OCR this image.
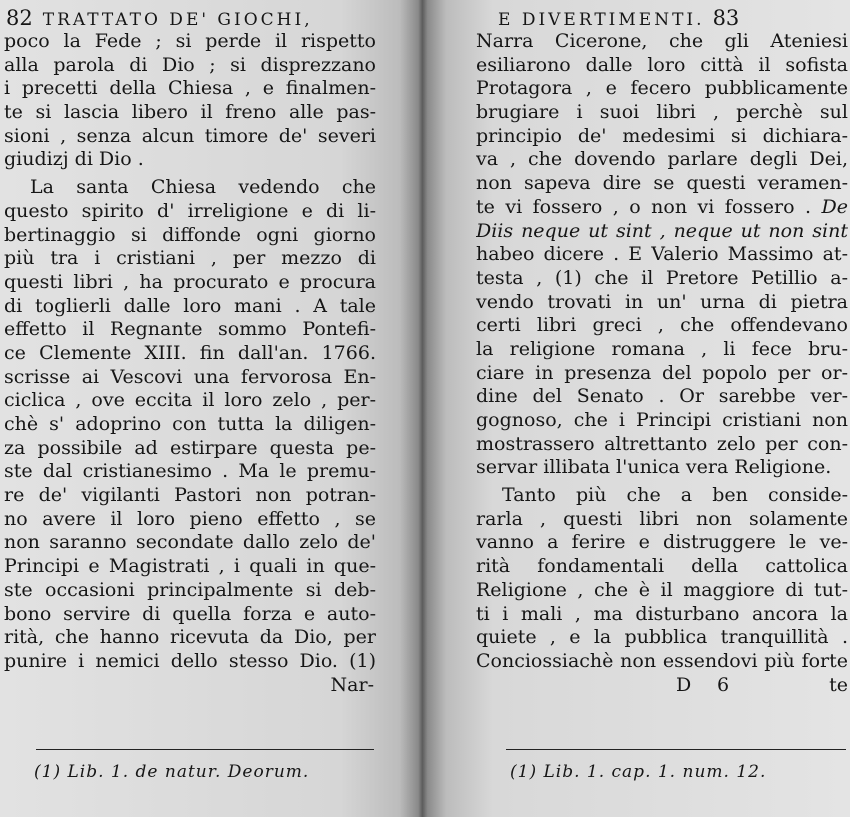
82 TRATTATO DE' GIOCHI,
poco la Fede ; si perde il rispetto
alla parola di Dio ; si disprezzano
i precetti della Chiesa , e finalmen-
te si lascia libero il freno alle pas-
sioni , senza alcun timore de' severi
giudizj di Dio .
La santa Chiesa vedendo che
questo spirito d' irreligione e di li-
bertinaggio si diffonde ogni giorno
più tra i cristiani , per mezzo di
questi libri , ha procurato e procura
di toglierli dalle loro mani . A tale
effetto il Regnante sommo Pontefi-
ce Clemente XIII. fin dall'an. 1766.
scrisse ai Vescovi una fervorosa En-
ciclica , ove eccita il loro zelo , per-
chè s' adoprino con tutta la diligen-
za possibile ad estirpare questa pe-
ste dal cristianesimo . Ma le premu-
re de' vigilanti Pastori non potran-
no avere il loro pieno effetto , se
non saranno secondate dallo zelo de'
Principi e Magistrati , i quali in que-
ste occasioni principalmente si deb-
bono servire di quella forza e auto-
rità, che hanno ricevuta da Dio, per
punire i nemici dello stesso Dio. (1)
Nar-
(1) Lib. 1. de natur. Deorum.
E DIVERTIMENTI. 83
Narra Cicerone, che gli Ateniesi
esiliarono dalle loro città il sofista
Protagora , e fecero pubblicamente
brugiare i suoi libri , perchè sul
principio de' medesimi si dichiara-
va , che dovendo parlare degli Dei,
non sapeva dire se questi veramen-
te vi fossero , o non vi fossero . De
Diis neque ut sint , neque ut non sint
habeo dicere . E Valerio Massimo at-
testa , (1) che il Pretore Petillio a-
vendo trovati in un' urna di pietra
certi libri greci , che offendevano
la religione romana , li fece bru-
ciare in presenza del popolo per or-
dine del Senato . Or sarebbe ver-
gognoso, che i Principi cristiani non
mostrassero altrettanto zelo per con-
servar illibata l'unica vera Religione.
Tanto più che a ben conside-
rarla , questi libri non solamente
vanno a ferire e distruggere le ve-
rità fondamentali della cattolica
Religione , che è il maggiore di tut-
ti i mali , ma disturbano ancora la
quiete , e la pubblica tranquillità .
Conciossiachè non essendovi più forte
D 6	te
(1) Lib. 1. cap. 1. num. 12.
